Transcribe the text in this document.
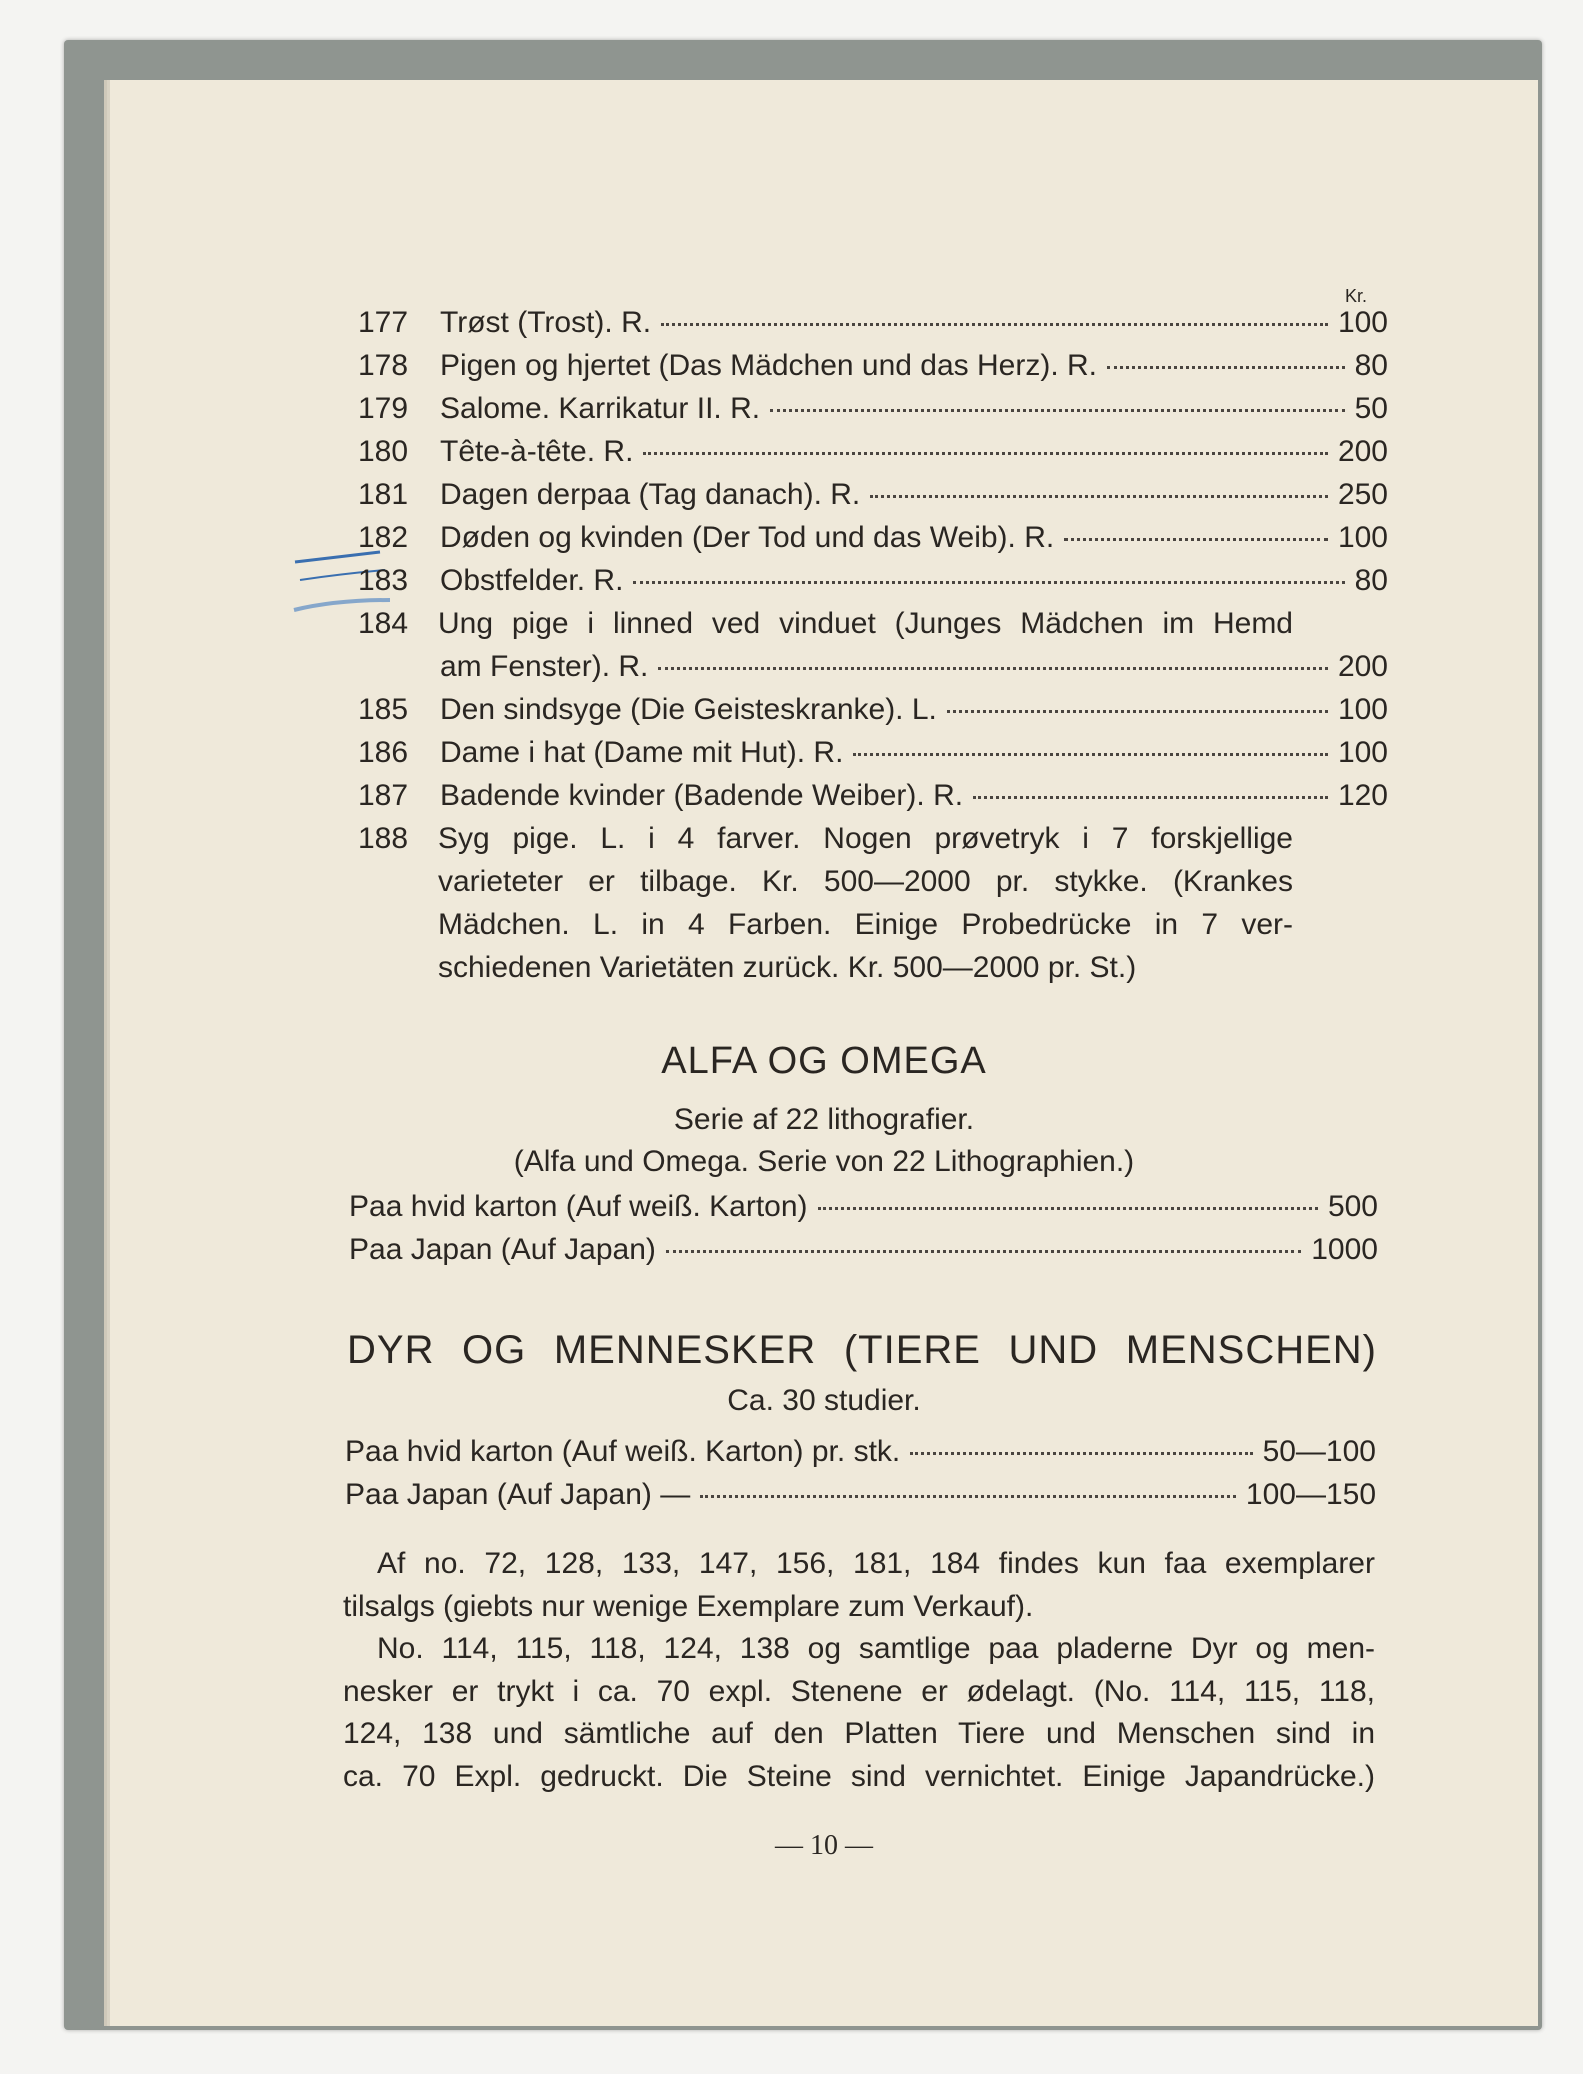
Kr.
177 Trøst (Trost). R.	100
178 Pigen og hjertet (Das Mädchen und das Herz). R.	80
179 Salome. Karrikatur II. R.	50
180 Tête-à-tête. R.	200
181 Dagen derpaa (Tag danach). R.	250
182 Døden og kvinden (Der Tod und das Weib). R.	100
183 Obstfelder. R.	80
184 Ung pige i linned ved vinduet (Junges Mädchen im Hemd
am Fenster). R.	200
185 Den sindsyge (Die Geisteskranke). L.	100
186 Dame i hat (Dame mit Hut). R.	100
187 Badende kvinder (Badende Weiber). R.	120
188 Syg pige. L. i 4 farver. Nogen prøvetryk i 7 forskjellige
varieteter er tilbage. Kr. 500—2000 pr. stykke. (Krankes
Mädchen. L. in 4 Farben. Einige Probedrücke in 7 ver-
ALFA OG OMEGA
Serie af 22 lithografier.
(Alfa und Omega. Serie von 22 Lithographien.)
Paa hvid karton (Auf weiß. Karton)	500
Paa Japan (Auf Japan)	1000
DYR OG MENNESKER (TIERE UND MENSCHEN)
Ca. 30 studier.
Paa hvid karton (Auf weiß. Karton) pr. stk.	50—100
Paa Japan (Auf Japan) —	100—150
Af no. 72, 128, 133, 147, 156, 181, 184 findes kun faa exemplarer
No. 114, 115, 118, 124, 138 og samtlige paa pladerne Dyr og men-
nesker er trykt i ca. 70 expl. Stenene er ødelagt. (No. 114, 115, 118,
124, 138 und sämtliche auf den Platten Tiere und Menschen sind in
ca. 70 Expl. gedruckt. Die Steine sind vernichtet. Einige Japandrücke.)
— 10 —
